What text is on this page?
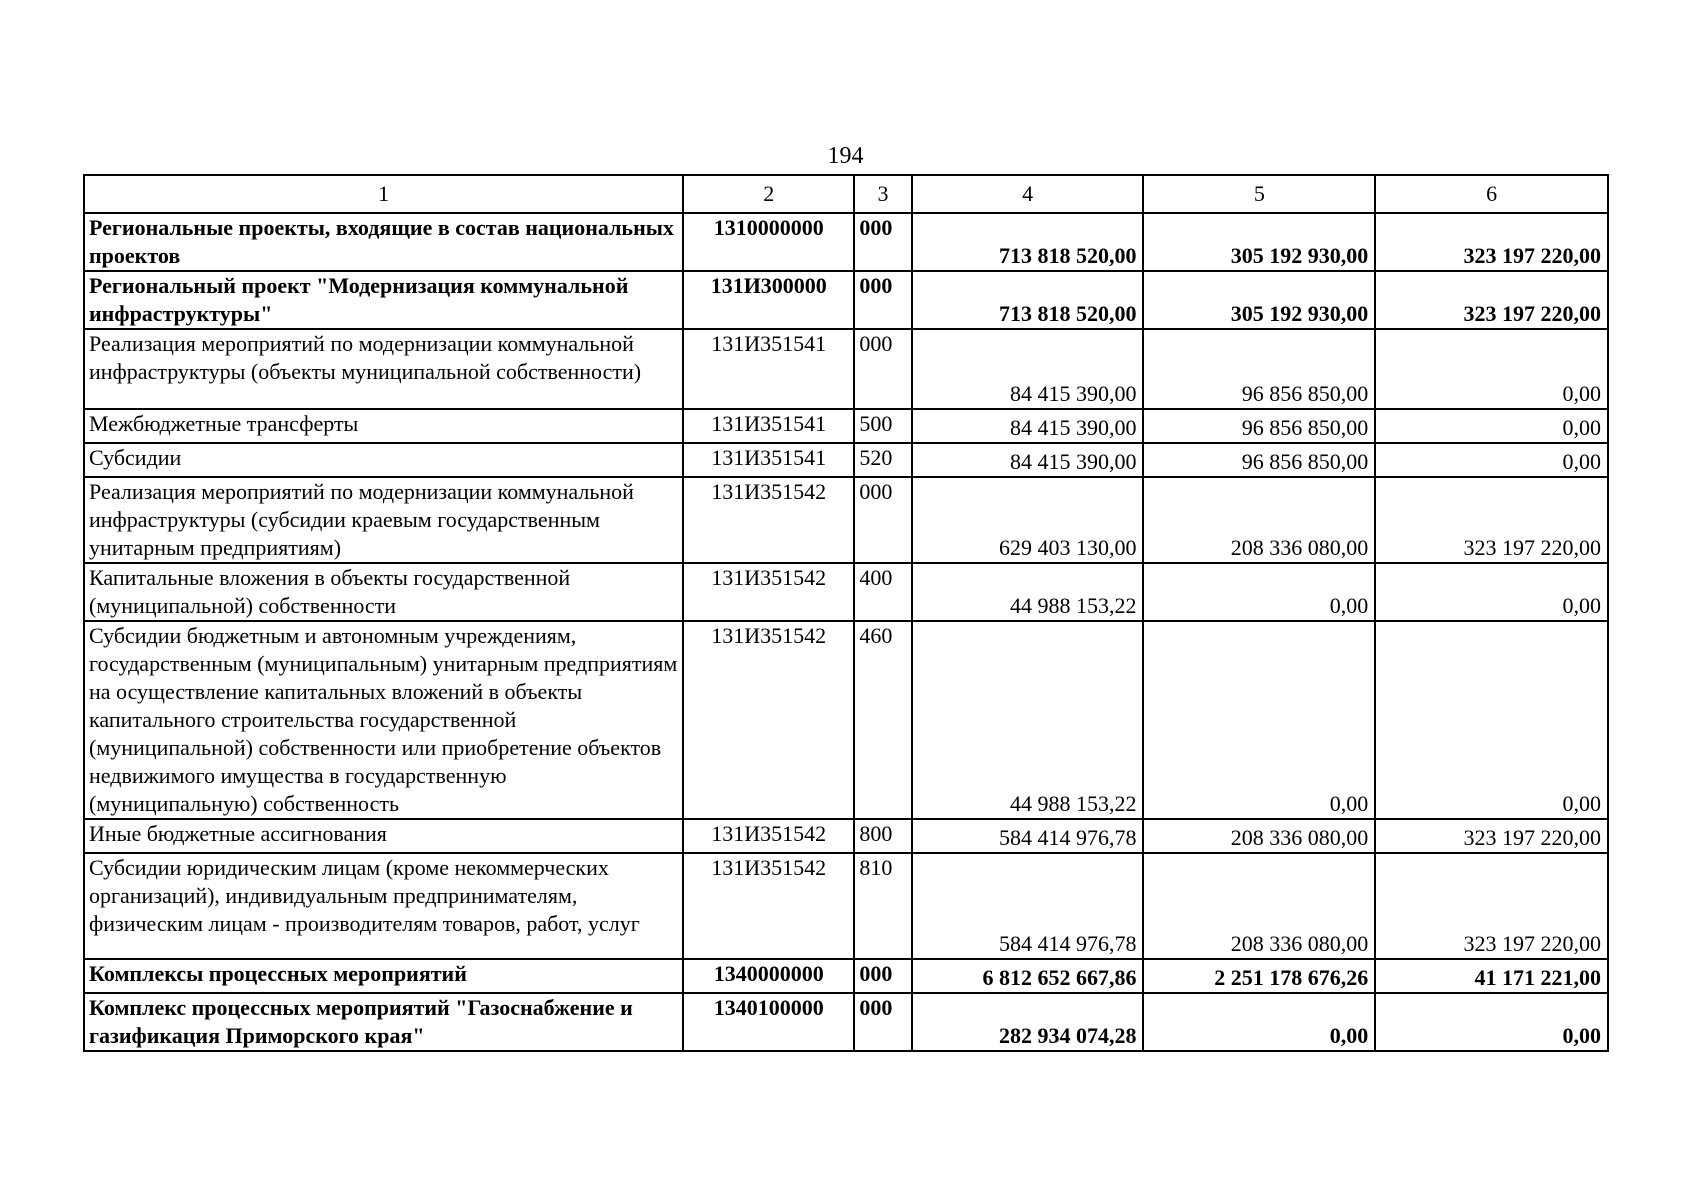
194
1	2	3	4	5	6
Региональные проекты, входящие в состав национальных проектов	1310000000	000	713 818 520,00	305 192 930,00	323 197 220,00
Региональный проект "Модернизация коммунальной инфраструктуры"	131И300000	000	713 818 520,00	305 192 930,00	323 197 220,00
Реализация мероприятий по модернизации коммунальной инфраструктуры (объекты муниципальной собственности)	131И351541	000	84 415 390,00	96 856 850,00	0,00
Межбюджетные трансферты	131И351541	500	84 415 390,00	96 856 850,00	0,00
Субсидии	131И351541	520	84 415 390,00	96 856 850,00	0,00
Реализация мероприятий по модернизации коммунальной инфраструктуры (субсидии краевым государственным унитарным предприятиям)	131И351542	000	629 403 130,00	208 336 080,00	323 197 220,00
Капитальные вложения в объекты государственной (муниципальной) собственности	131И351542	400	44 988 153,22	0,00	0,00
Субсидии бюджетным и автономным учреждениям, государственным (муниципальным) унитарным предприятиям на осуществление капитальных вложений в объекты капитального строительства государственной (муниципальной) собственности или приобретение объектов недвижимого имущества в государственную (муниципальную) собственность	131И351542	460	44 988 153,22	0,00	0,00
Иные бюджетные ассигнования	131И351542	800	584 414 976,78	208 336 080,00	323 197 220,00
Субсидии юридическим лицам (кроме некоммерческих организаций), индивидуальным предпринимателям, физическим лицам - производителям товаров, работ, услуг	131И351542	810	584 414 976,78	208 336 080,00	323 197 220,00
Комплексы процессных мероприятий	1340000000	000	6 812 652 667,86	2 251 178 676,26	41 171 221,00
Комплекс процессных мероприятий "Газоснабжение и газификация Приморского края"	1340100000	000	282 934 074,28	0,00	0,00
